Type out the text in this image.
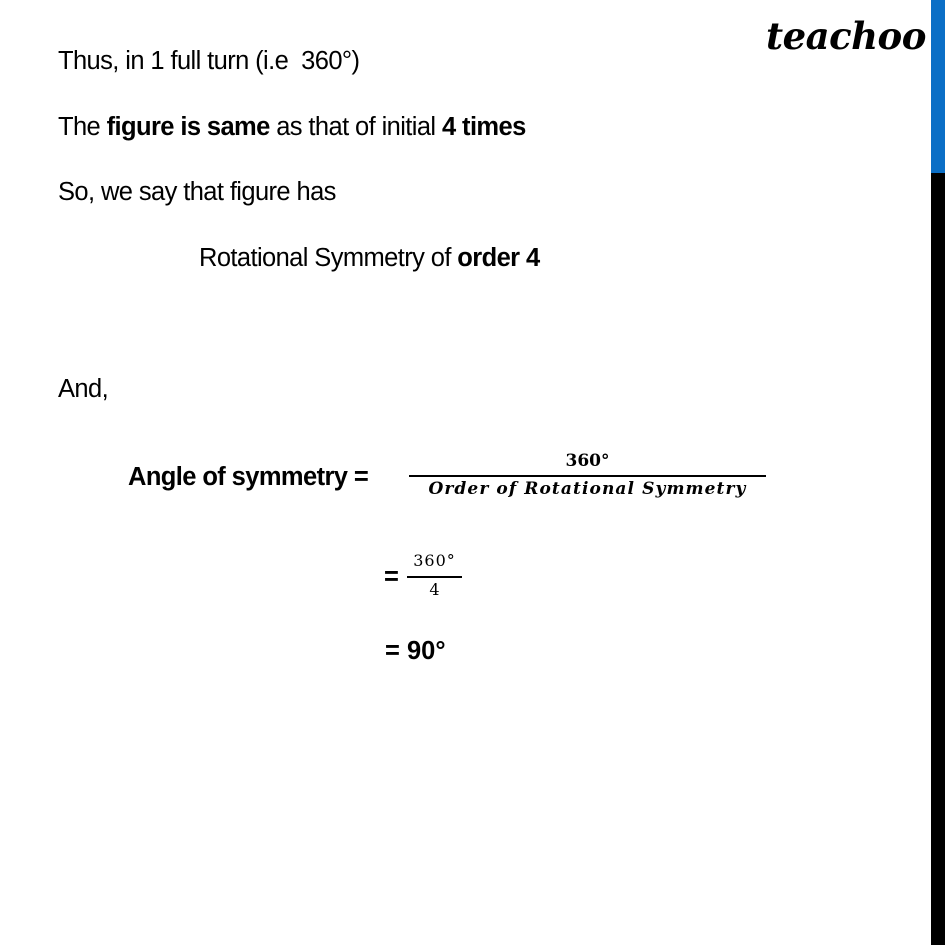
teachoo

Thus, in 1 full turn (i.e  360°)

The figure is same as that of initial 4 times

So, we say that figure has

Rotational Symmetry of order 4

And,

Angle of symmetry =

360°
Order of Rotational Symmetry
=
360°
4
= 90°
